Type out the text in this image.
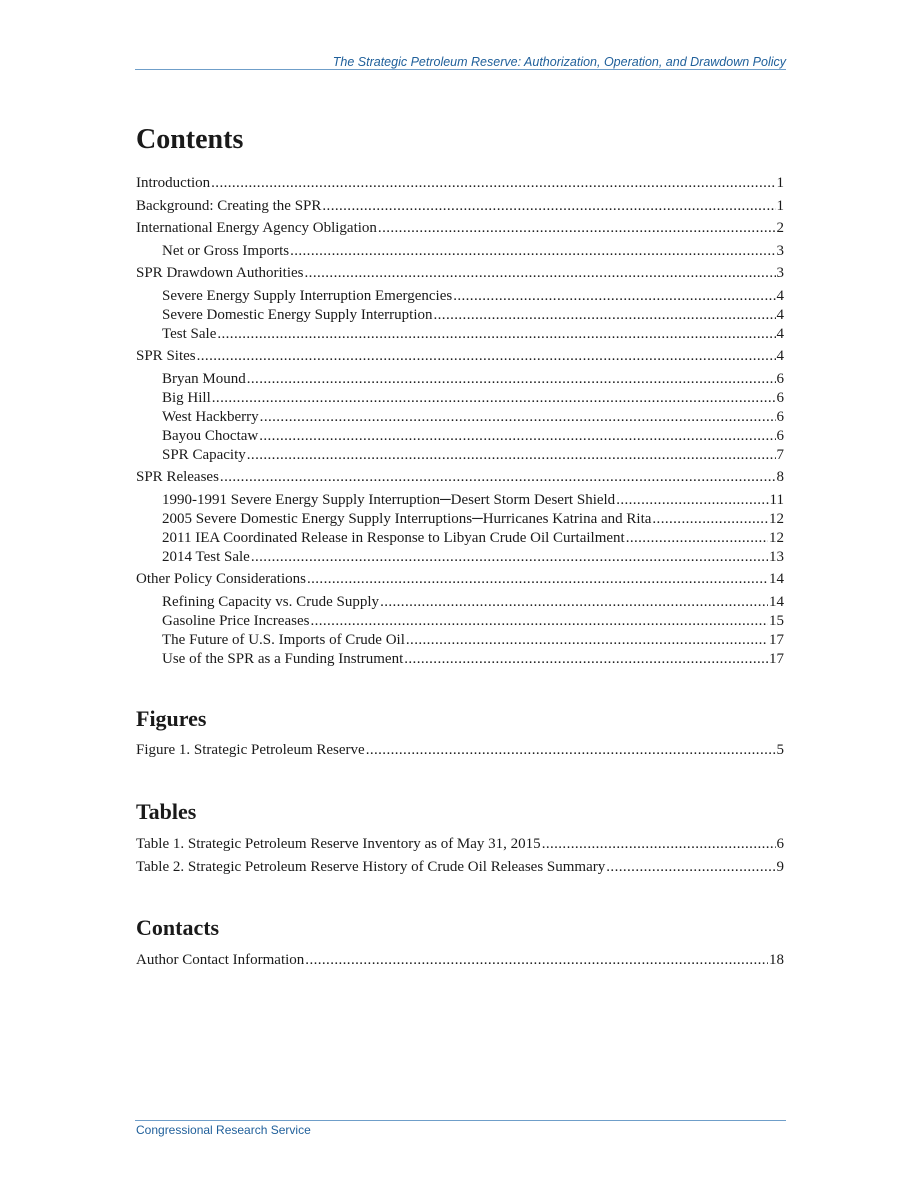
The Strategic Petroleum Reserve: Authorization, Operation, and Drawdown Policy
Contents
Introduction .....	1
Background: Creating the SPR .....	1
International Energy Agency Obligation .....	2
Net or Gross Imports .....	3
SPR Drawdown Authorities .....	3
Severe Energy Supply Interruption Emergencies .....	4
Severe Domestic Energy Supply Interruption .....	4
Test Sale .....	4
SPR Sites .....	4
Bryan Mound .....	6
Big Hill .....	6
West Hackberry .....	6
Bayou Choctaw .....	6
SPR Capacity .....	7
SPR Releases .....	8
1990-1991 Severe Energy Supply Interruption─Desert Storm Desert Shield .....	11
2005 Severe Domestic Energy Supply Interruptions─Hurricanes Katrina and Rita .....	12
2011 IEA Coordinated Release in Response to Libyan Crude Oil Curtailment .....	12
2014 Test Sale .....	13
Other Policy Considerations .....	14
Refining Capacity vs. Crude Supply .....	14
Gasoline Price Increases .....	15
The Future of U.S. Imports of Crude Oil .....	17
Use of the SPR as a Funding Instrument .....	17
Figures
Figure 1. Strategic Petroleum Reserve .....	5
Tables
Table 1. Strategic Petroleum Reserve Inventory as of May 31, 2015 .....	6
Table 2. Strategic Petroleum Reserve History of Crude Oil Releases Summary .....	9
Contacts
Author Contact Information .....	18
Congressional Research Service
